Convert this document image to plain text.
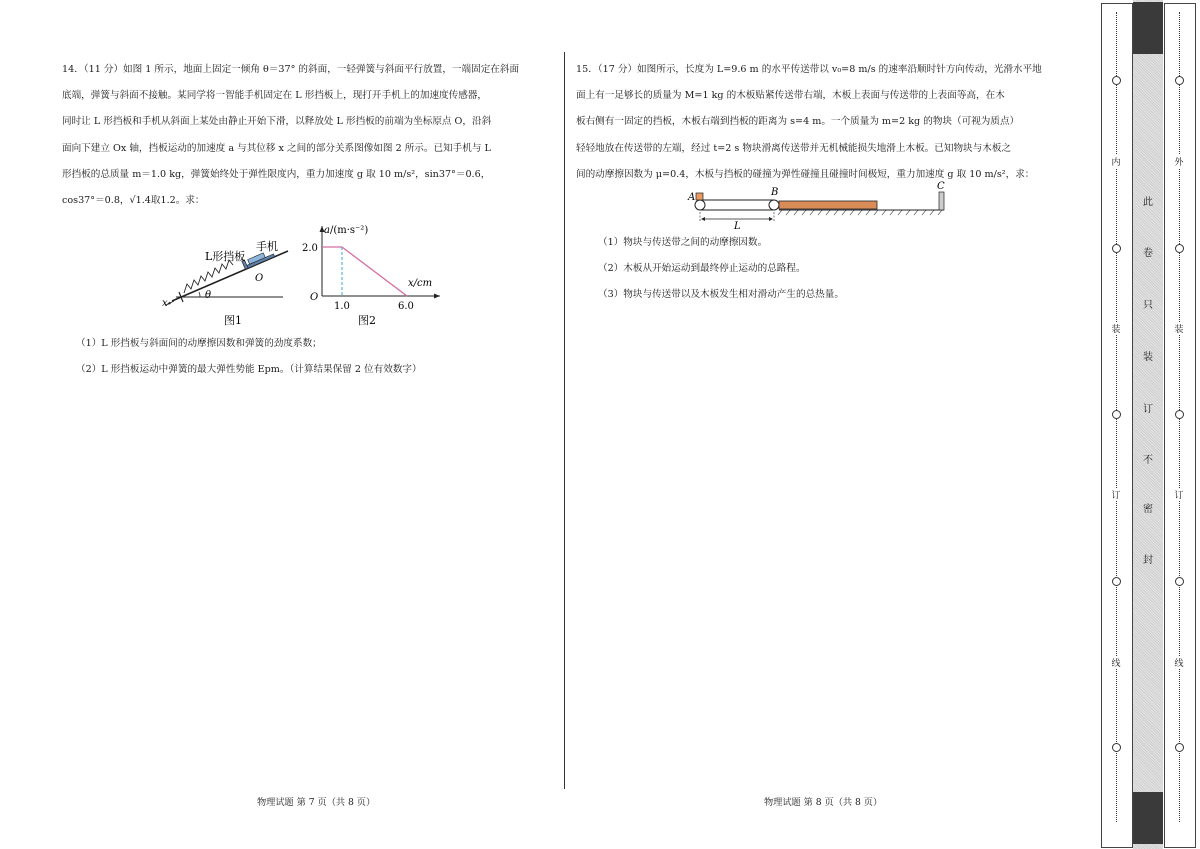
14．（11 分）如图 1 所示，地面上固定一倾角 θ＝37° 的斜面，一轻弹簧与斜面平行放置，一端固定在斜面

底端，弹簧与斜面不接触。某同学将一智能手机固定在 L 形挡板上，现打开手机上的加速度传感器，

同时让 L 形挡板和手机从斜面上某处由静止开始下滑，以释放处 L 形挡板的前端为坐标原点 O，沿斜

面向下建立 Ox 轴，挡板运动的加速度 a 与其位移 x 之间的部分关系图像如图 2 所示。已知手机与 L

形挡板的总质量 m＝1.0 kg，弹簧始终处于弹性限度内，重力加速度 g 取 10 m/s²，sin37°＝0.6，

cos37°＝0.8，√1.4取1.2。求：

x
θ
L形挡板
手机
O
图1
a/(m·s⁻²)
x/cm
2.0
O
1.0	6.0
图2
（1）L 形挡板与斜面间的动摩擦因数和弹簧的劲度系数；
（2）L 形挡板运动中弹簧的最大弹性势能 Epm。（计算结果保留 2 位有效数字）
物理试题 第 7 页（共 8 页）

15．（17 分）如图所示，长度为 L=9.6 m 的水平传送带以 v₀=8 m/s 的速率沿顺时针方向传动，光滑水平地

面上有一足够长的质量为 M=1 kg 的木板贴紧传送带右端，木板上表面与传送带的上表面等高，在木

板右侧有一固定的挡板，木板右端到挡板的距离为 s=4 m。一个质量为 m=2 kg 的物块（可视为质点）

轻轻地放在传送带的左端，经过 t=2 s 物块滑离传送带并无机械能损失地滑上木板。已知物块与木板之

间的动摩擦因数为 μ=0.4，木板与挡板的碰撞为弹性碰撞且碰撞时间极短，重力加速度 g 取 10 m/s²，求：

A	B
C
L
（1）物块与传送带之间的动摩擦因数。
（2）木板从开始运动到最终停止运动的总路程。
（3）物块与传送带以及木板发生相对滑动产生的总热量。
物理试题 第 8 页（共 8 页）
内
装
订
线
此
卷
只
装
订
不
密
封
外
装
订
线
